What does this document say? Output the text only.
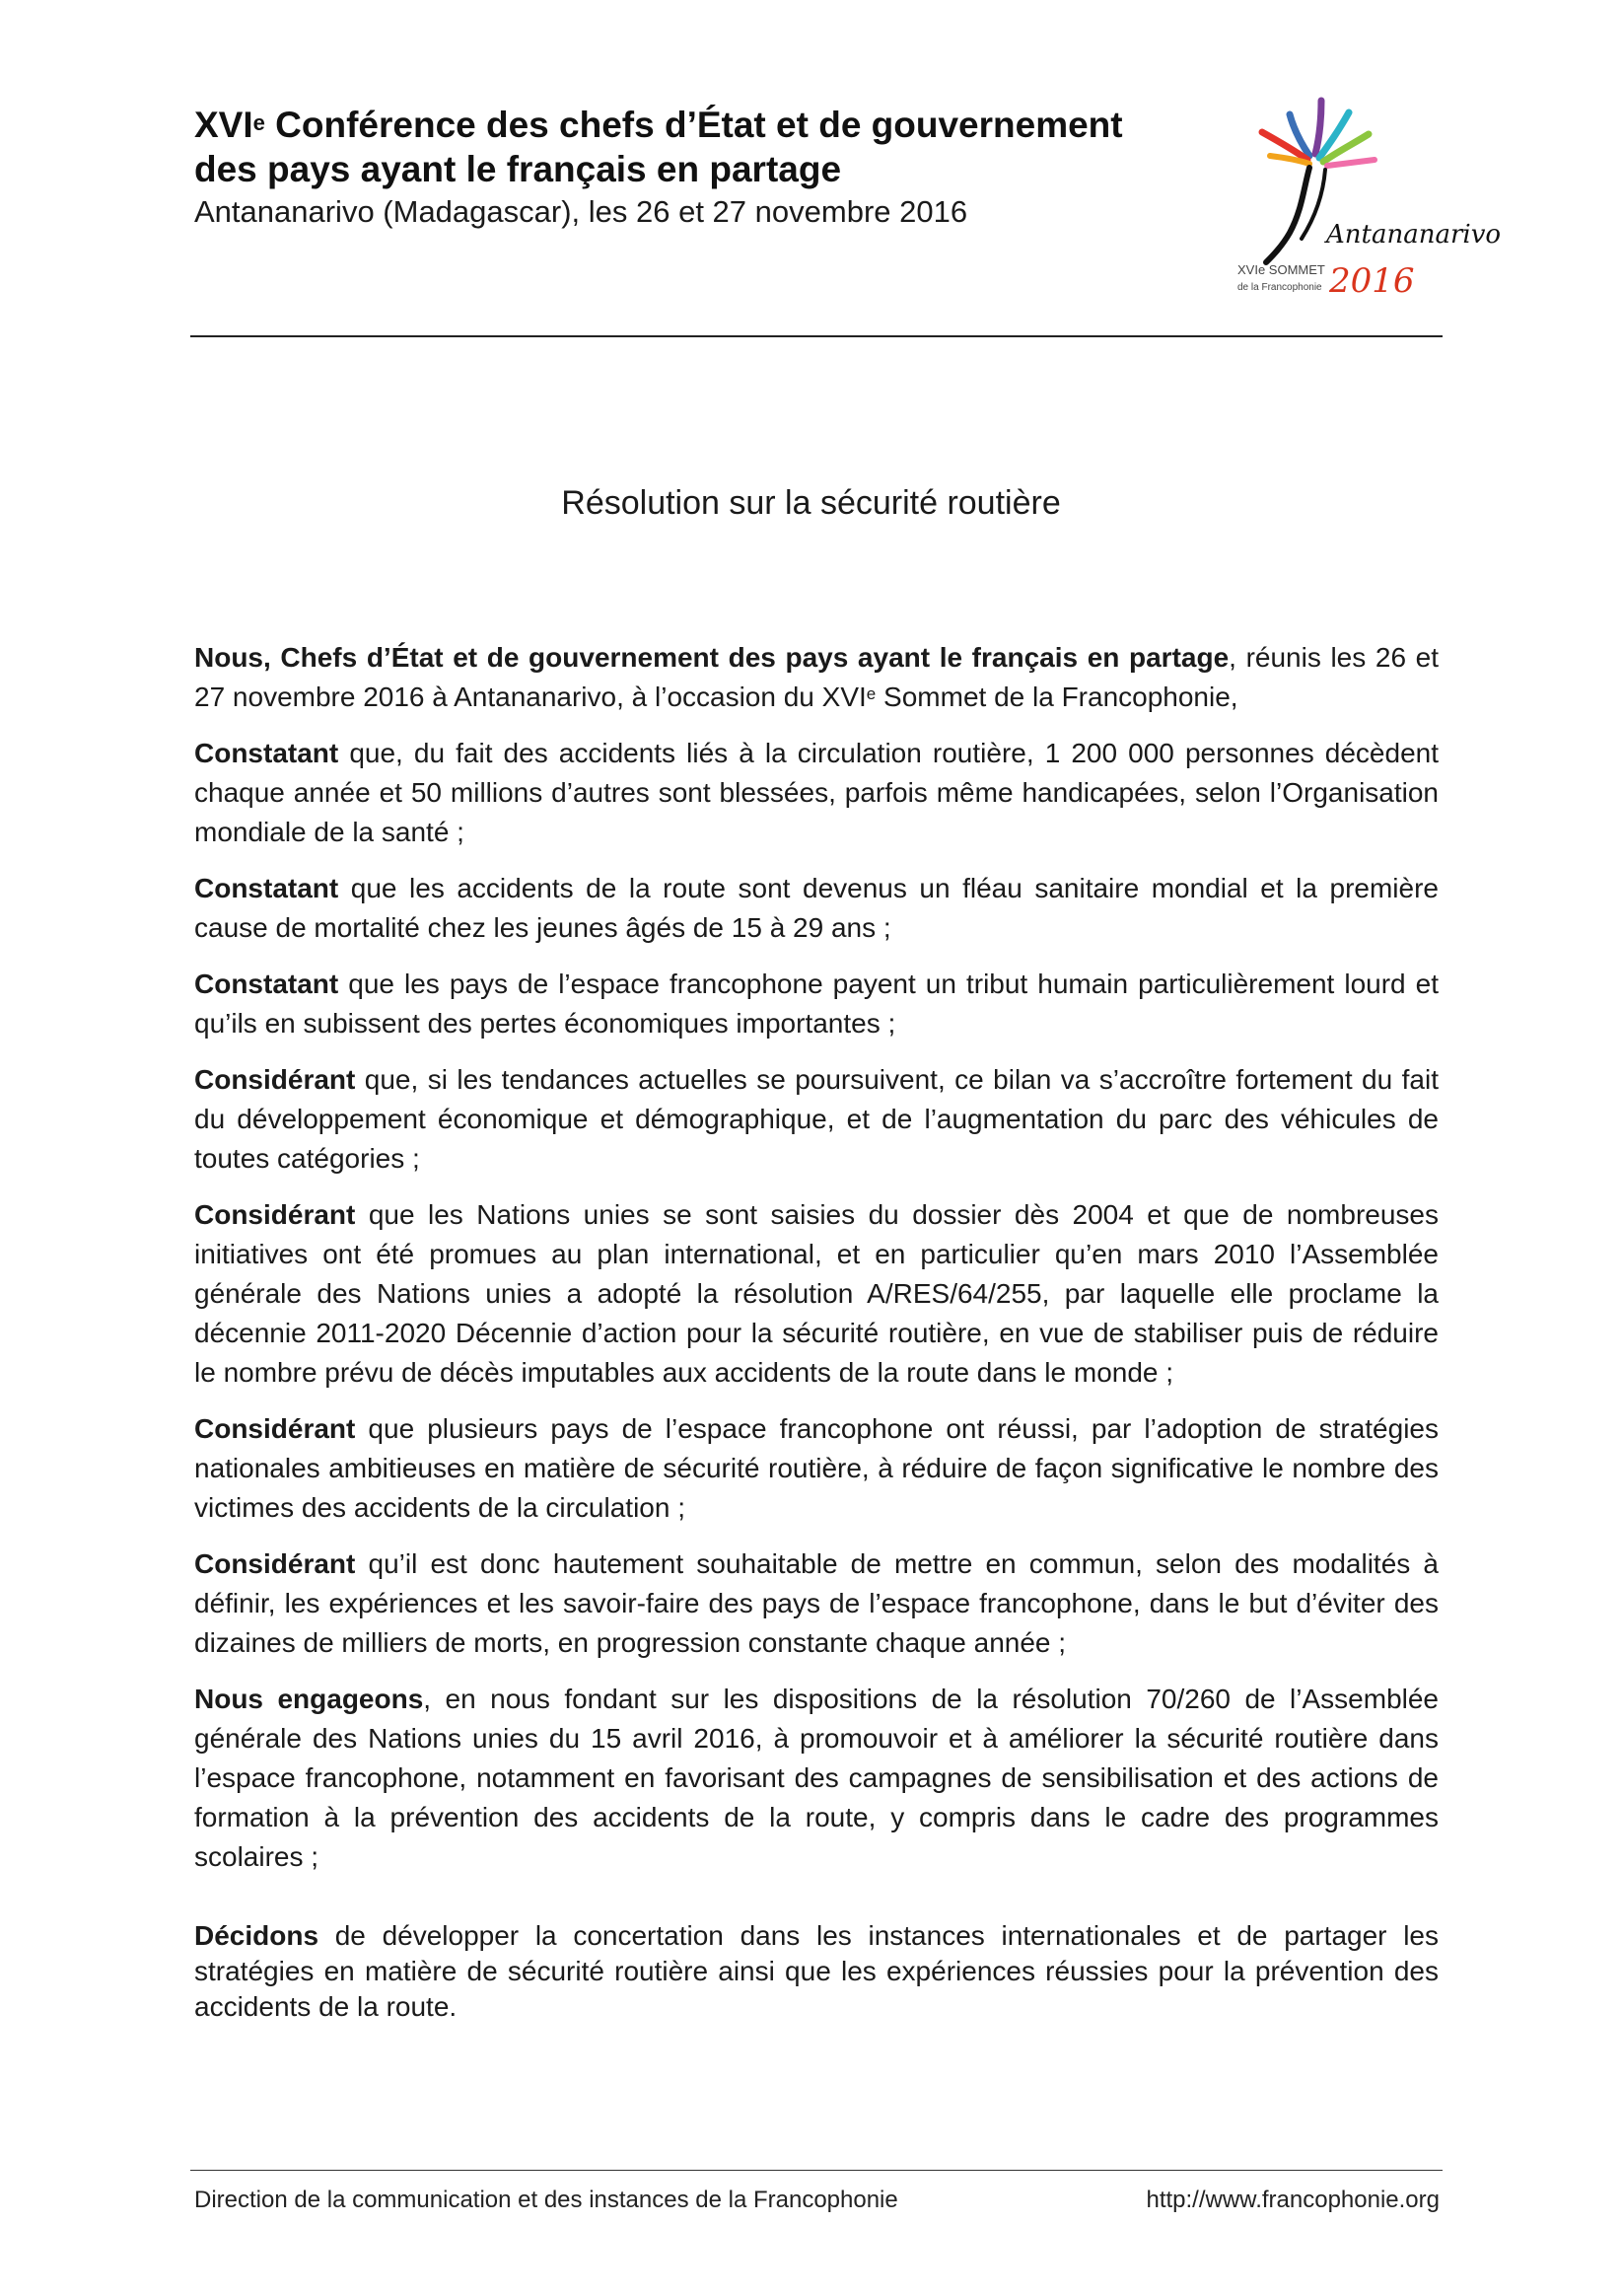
XVIe Conférence des chefs d’État et de gouvernement
des pays ayant le français en partage
Antananarivo (Madagascar), les 26 et 27 novembre 2016
Antananarivo
XVIe SOMMET
de la Francophonie 2016
Résolution sur la sécurité routière

Nous, Chefs d’État et de gouvernement des pays ayant le français en partage, réunis les 26 et 27 novembre 2016 à Antananarivo, à l’occasion du XVIe Sommet de la Francophonie,

Constatant que, du fait des accidents liés à la circulation routière, 1 200 000 personnes décèdent chaque année et 50 millions d’autres sont blessées, parfois même handicapées, selon l’Organisation mondiale de la santé ;

Constatant que les accidents de la route sont devenus un fléau sanitaire mondial et la première cause de mortalité chez les jeunes âgés de 15 à 29 ans ;

Constatant que les pays de l’espace francophone payent un tribut humain particulièrement lourd et qu’ils en subissent des pertes économiques importantes ;

Considérant que, si les tendances actuelles se poursuivent, ce bilan va s’accroître fortement du fait du développement économique et démographique, et de l’augmentation du parc des véhicules de toutes catégories ;

Considérant que les Nations unies se sont saisies du dossier dès 2004 et que de nombreuses initiatives ont été promues au plan international, et en particulier qu’en mars 2010 l’Assemblée générale des Nations unies a adopté la résolution A/RES/64/255, par laquelle elle proclame la décennie 2011-2020 Décennie d’action pour la sécurité routière, en vue de stabiliser puis de réduire le nombre prévu de décès imputables aux accidents de la route dans le monde ;

Considérant que plusieurs pays de l’espace francophone ont réussi, par l’adoption de stratégies nationales ambitieuses en matière de sécurité routière, à réduire de façon significative le nombre des victimes des accidents de la circulation ;

Considérant qu’il est donc hautement souhaitable de mettre en commun, selon des modalités à définir, les expériences et les savoir-faire des pays de l’espace francophone, dans le but d’éviter des dizaines de milliers de morts, en progression constante chaque année ;

Nous engageons, en nous fondant sur les dispositions de la résolution 70/260 de l’Assemblée générale des Nations unies du 15 avril 2016, à promouvoir et à améliorer la sécurité routière dans l’espace francophone, notamment en favorisant des campagnes de sensibilisation et des actions de formation à la prévention des accidents de la route, y compris dans le cadre des programmes scolaires ;

Décidons de développer la concertation dans les instances internationales et de partager les stratégies en matière de sécurité routière ainsi que les expériences réussies pour la prévention des accidents de la route.

Direction de la communication et des instances de la Francophonie	http://www.francophonie.org
